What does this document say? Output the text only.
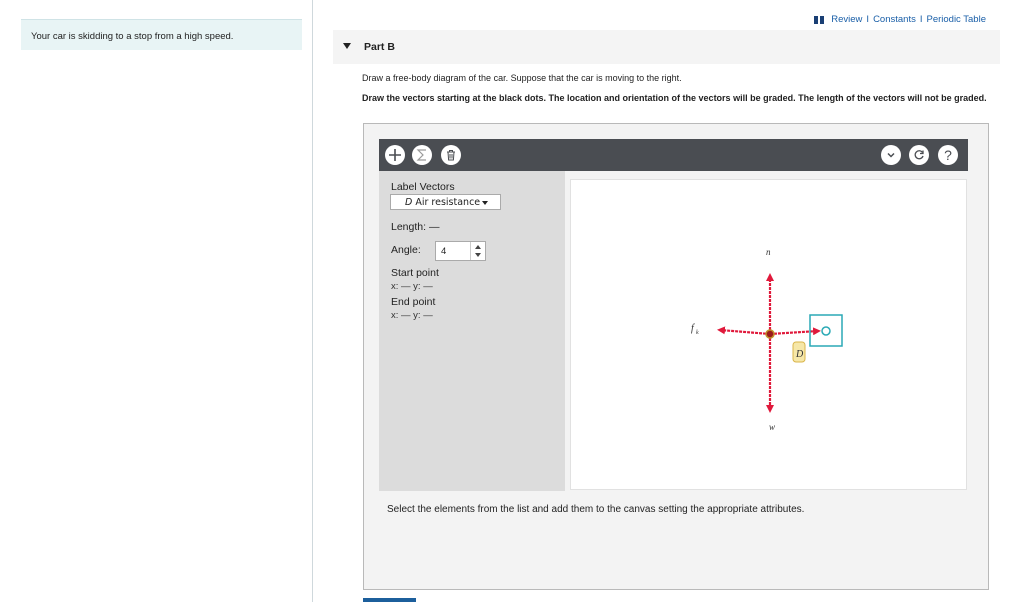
Your car is skidding to a stop from a high speed.
Review I Constants I Periodic Table
Part B
Draw a free-body diagram of the car. Suppose that the car is moving to the right.
Draw the vectors starting at the black dots. The location and orientation of the vectors will be graded. The length of the vectors will not be graded.
?
Label Vectors
D Air resistance
Length: —
Angle: 4
Start point
x: — y: —
End point
x: — y: —
D
n
f k
w
Select the elements from the list and add them to the canvas setting the appropriate attributes.
